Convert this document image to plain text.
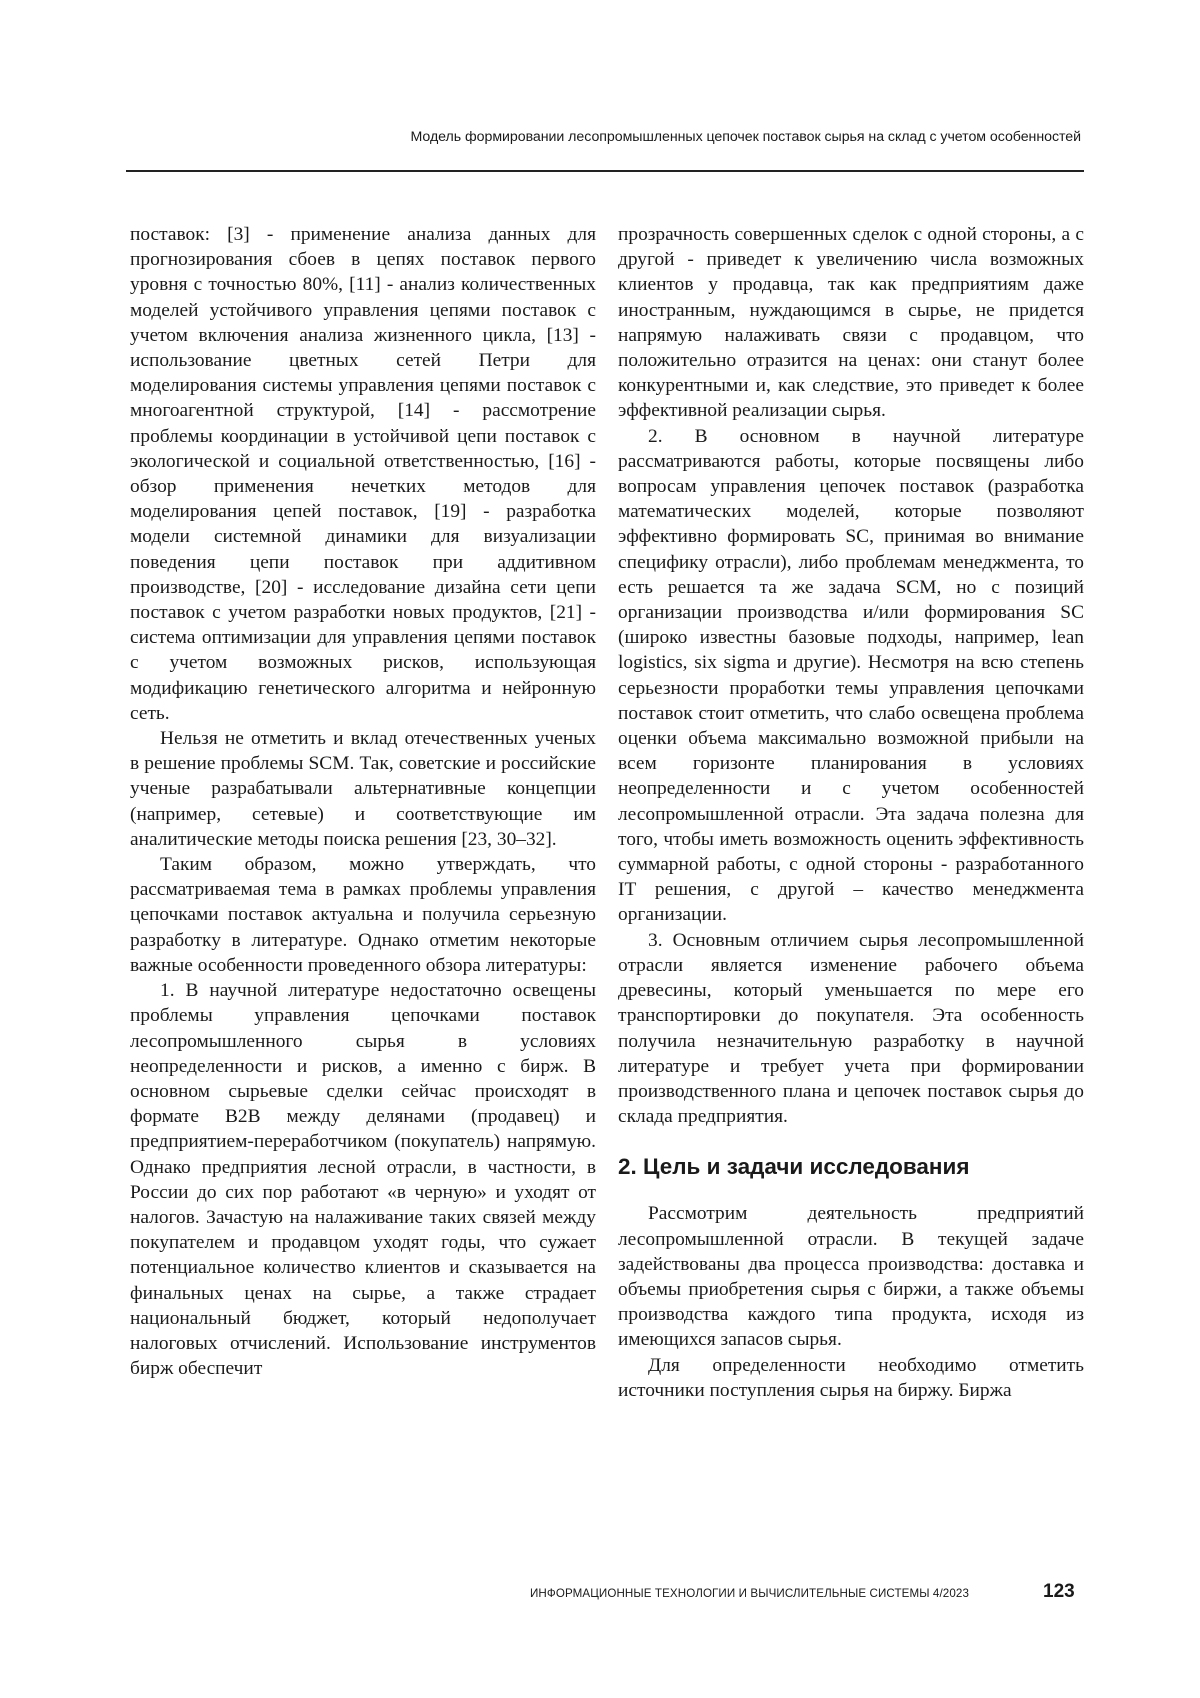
Модель формировании лесопромышленных цепочек поставок сырья на склад с учетом особенностей

поставок: [3] - применение анализа данных для прогнозирования сбоев в цепях поставок первого уровня с точностью 80%, [11] - анализ количественных моделей устойчивого управления цепями поставок с учетом включения анализа жизненного цикла, [13] - использование цветных сетей Петри для моделирования системы управления цепями поставок с многоагентной структурой, [14] - рассмотрение проблемы координации в устойчивой цепи поставок с экологической и социальной ответственностью, [16] - обзор применения нечетких методов для моделирования цепей поставок, [19] - разработка модели системной динамики для визуализации поведения цепи поставок при аддитивном производстве, [20] - исследование дизайна сети цепи поставок с учетом разработки новых продуктов, [21] - система оптимизации для управления цепями поставок с учетом возможных рисков, использующая модификацию генетического алгоритма и нейронную сеть.

Нельзя не отметить и вклад отечественных ученых в решение проблемы SCM. Так, советские и российские ученые разрабатывали альтернативные концепции (например, сетевые) и соответствующие им аналитические методы поиска решения [23, 30–32].

Таким образом, можно утверждать, что рассматриваемая тема в рамках проблемы управления цепочками поставок актуальна и получила серьезную разработку в литературе. Однако отметим некоторые важные особенности проведенного обзора литературы:

1. В научной литературе недостаточно освещены проблемы управления цепочками поставок лесопромышленного сырья в условиях неопределенности и рисков, а именно с бирж. В основном сырьевые сделки сейчас происходят в формате B2B между делянами (продавец) и предприятием-переработчиком (покупатель) напрямую. Однако предприятия лесной отрасли, в частности, в России до сих пор работают «в черную» и уходят от налогов. Зачастую на налаживание таких связей между покупателем и продавцом уходят годы, что сужает потенциальное количество клиентов и сказывается на финальных ценах на сырье, а также страдает национальный бюджет, который недополучает налоговых отчислений. Использование инструментов бирж обеспечит

прозрачность совершенных сделок с одной стороны, а с другой - приведет к увеличению числа возможных клиентов у продавца, так как предприятиям даже иностранным, нуждающимся в сырье, не придется напрямую налаживать связи с продавцом, что положительно отразится на ценах: они станут более конкурентными и, как следствие, это приведет к более эффективной реализации сырья.

2. В основном в научной литературе рассматриваются работы, которые посвящены либо вопросам управления цепочек поставок (разработка математических моделей, которые позволяют эффективно формировать SC, принимая во внимание специфику отрасли), либо проблемам менеджмента, то есть решается та же задача SCM, но с позиций организации производства и/или формирования SC (широко известны базовые подходы, например, lean logistics, six sigma и другие). Несмотря на всю степень серьезности проработки темы управления цепочками поставок стоит отметить, что слабо освещена проблема оценки объема максимально возможной прибыли на всем горизонте планирования в условиях неопределенности и с учетом особенностей лесопромышленной отрасли. Эта задача полезна для того, чтобы иметь возможность оценить эффективность суммарной работы, с одной стороны - разработанного IT решения, с другой – качество менеджмента организации.

3. Основным отличием сырья лесопромышленной отрасли является изменение рабочего объема древесины, который уменьшается по мере его транспортировки до покупателя. Эта особенность получила незначительную разработку в научной литературе и требует учета при формировании производственного плана и цепочек поставок сырья до склада предприятия.

2. Цель и задачи исследования

Рассмотрим деятельность предприятий лесопромышленной отрасли. В текущей задаче задействованы два процесса производства: доставка и объемы приобретения сырья с биржи, а также объемы производства каждого типа продукта, исходя из имеющихся запасов сырья.

Для определенности необходимо отметить источники поступления сырья на биржу. Биржа

ИНФОРМАЦИОННЫЕ ТЕХНОЛОГИИ И ВЫЧИСЛИТЕЛЬНЫЕ СИСТЕМЫ 4/2023	123
